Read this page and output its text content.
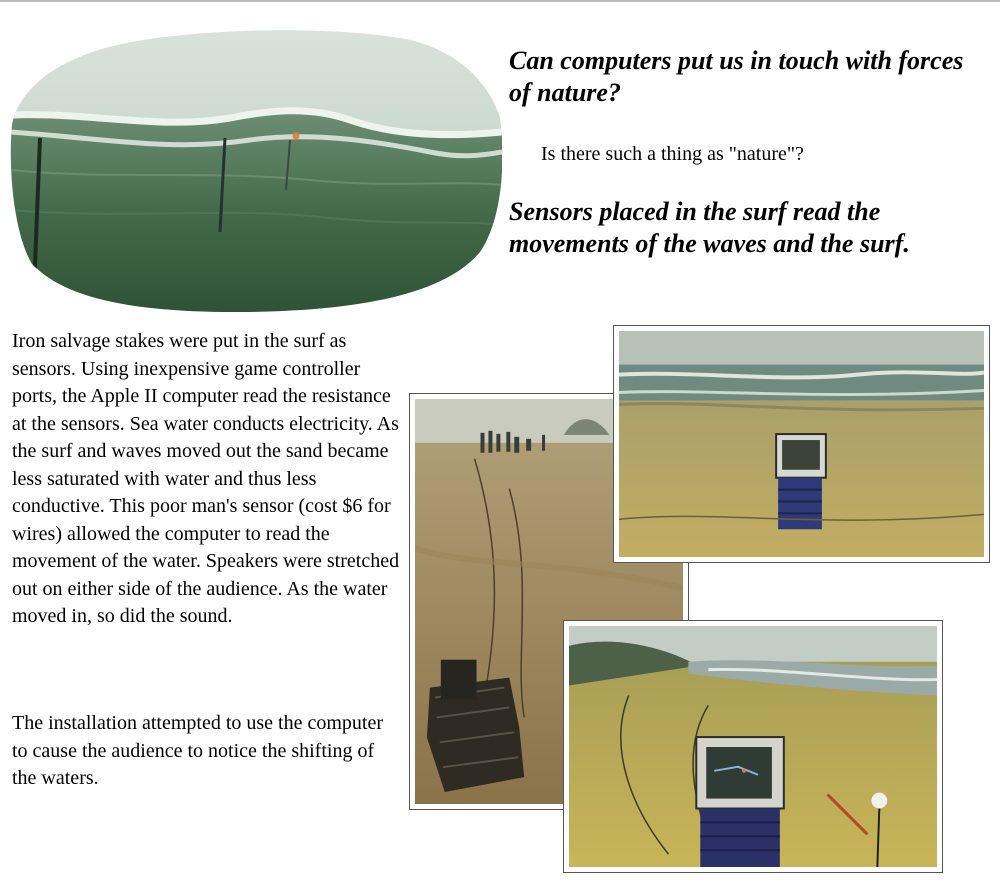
Can computers put us in touch with forces of nature?

Is there such a thing as "nature"?

Sensors placed in the surf read the movements of the waves and the surf.

Iron salvage stakes were put in the surf as sensors. Using inexpensive game controller ports, the Apple II computer read the resistance at the sensors. Sea water conducts electricity. As the surf and waves moved out the sand became less saturated with water and thus less conductive. This poor man's sensor (cost $6 for wires) allowed the computer to read the movement of the water. Speakers were stretched out on either side of the audience. As the water moved in, so did the sound.

The installation attempted to use the computer to cause the audience to notice the shifting of the waters.
